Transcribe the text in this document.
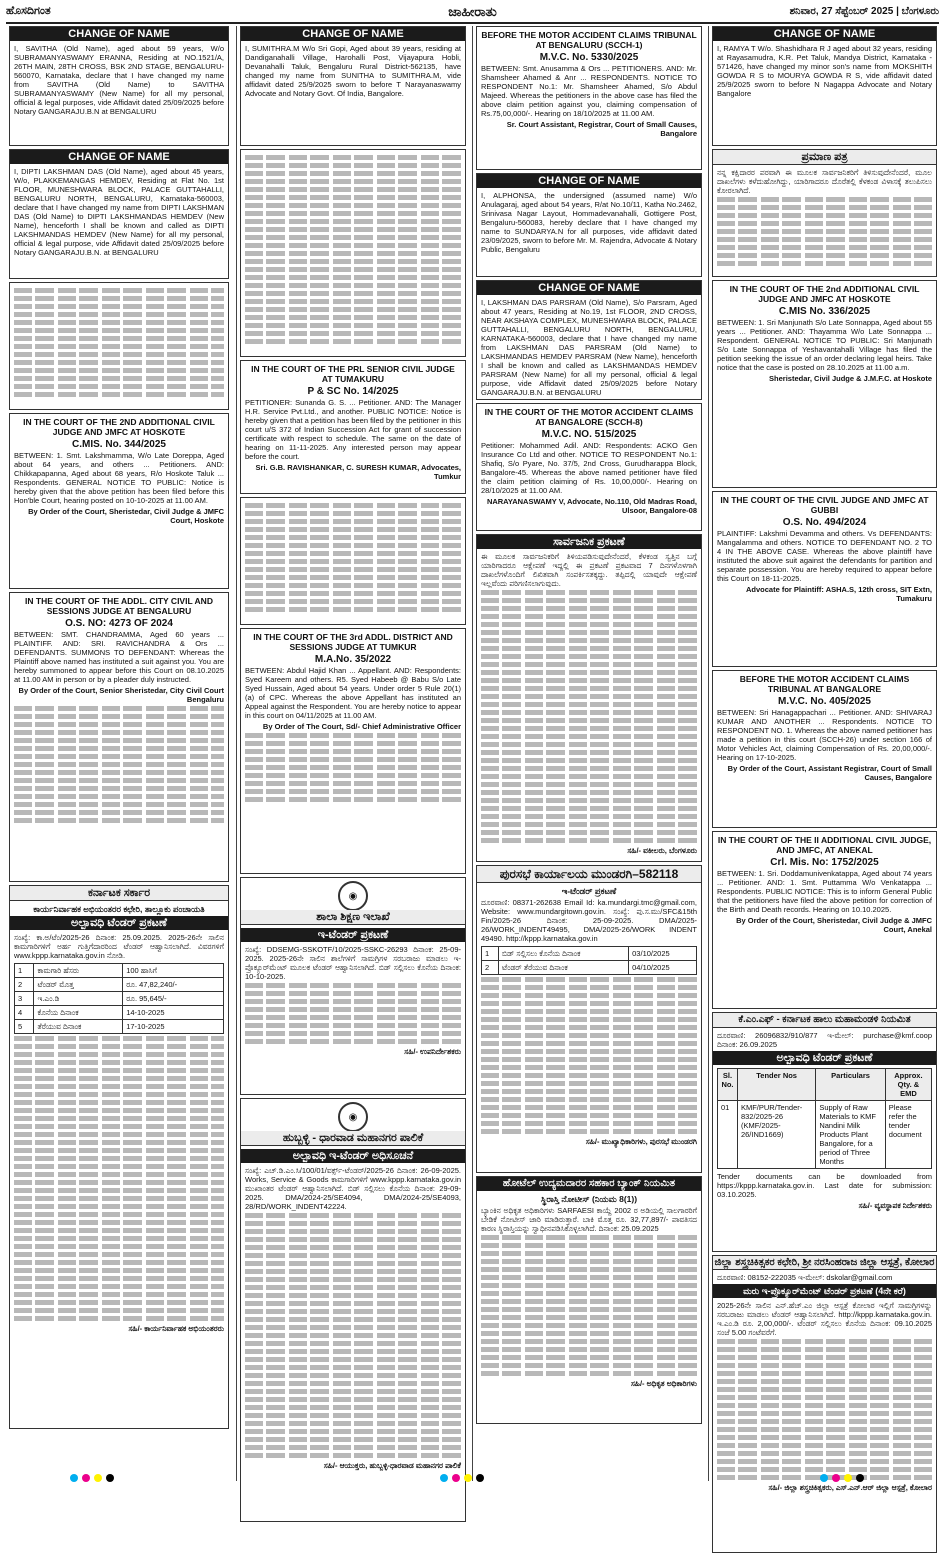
ಹೊಸದಿಗಂತ	ಜಾಹೀರಾತು	ಶನಿವಾರ, 27 ಸೆಪ್ಟೆಂಬರ್ 2025 | ಬೆಂಗಳೂರು
CHANGE OF NAME
I, SAVITHA (Old Name), aged about 59 years, W/o SUBRAMANYASWAMY ERANNA, Residing at NO.1521/A, 26TH MAIN, 28TH CROSS, BSK 2ND STAGE, BENGALURU-560070, Karnataka, declare that I have changed my name from SAVITHA (Old Name) to SAVITHA SUBRAMANYASWAMY (New Name) for all my personal, official & legal purposes, vide Affidavit dated 25/09/2025 before Notary GANGARAJU.B.N at BENGALURU
CHANGE OF NAME
I, DIPTI LAKSHMAN DAS (Old Name), aged about 45 years, W/o, PLAKKEMANGAS HEMDEV, Residing at Flat No. 1st FLOOR, MUNESHWARA BLOCK, PALACE GUTTAHALLI, BENGALURU NORTH, BENGALURU, Karnataka-560003, declare that I have changed my name from DIPTI LAKSHMAN DAS (Old Name) to DIPTI LAKSHMANDAS HEMDEV (New Name), henceforth I shall be known and called as DIPTI LAKSHMANDAS HEMDEV (New Name) for all my personal, official & legal purpose, vide Affidavit dated 25/09/2025 before Notary GANGARAJU.B.N. at BENGALURU
IN THE COURT OF THE 2ND ADDITIONAL CIVIL JUDGE AND JMFC AT HOSKOTE
C.MIS. No. 344/2025
BETWEEN: 1. Smt. Lakshmamma, W/o Late Doreppa, Aged about 64 years, and others ... Petitioners. AND: Chikkapapanna, Aged about 68 years, R/o Hoskote Taluk ... Respondents. GENERAL NOTICE TO PUBLIC: Notice is hereby given that the above petition has been filed before this Hon'ble Court, hearing posted on 10-10-2025 at 11.00 AM.
By Order of the Court, Sheristedar, Civil Judge & JMFC Court, Hoskote
IN THE COURT OF THE ADDL. CITY CIVIL AND SESSIONS JUDGE AT BENGALURU
O.S. NO: 4273 OF 2024
BETWEEN: SMT. CHANDRAMMA, Aged 60 years ... PLAINTIFF. AND: SRI. RAVICHANDRA & Ors ... DEFENDANTS. SUMMONS TO DEFENDANT: Whereas the Plaintiff above named has instituted a suit against you. You are hereby summoned to appear before this Court on 08.10.2025 at 11.00 AM in person or by a pleader duly instructed.
By Order of the Court, Senior Sheristedar, City Civil Court Bengaluru
ಕರ್ನಾಟಕ ಸರ್ಕಾರ
ಕಾರ್ಯನಿರ್ವಾಹಕ ಅಭಿಯಂತರರ ಕಛೇರಿ, ತಾಲ್ಲೂಕು ಪಂಚಾಯತಿ
ಅಲ್ಪಾವಧಿ ಟೆಂಡರ್ ಪ್ರಕಟಣೆ
ಸಂಖ್ಯೆ: ಕಾ.ಅ/ಟೆಂ/2025-26 ದಿನಾಂಕ: 25.09.2025. 2025-26ನೇ ಸಾಲಿನ ಕಾಮಗಾರಿಗಳಿಗೆ ಅರ್ಹ ಗುತ್ತಿಗೆದಾರರಿಂದ ಟೆಂಡರ್ ಆಹ್ವಾನಿಸಲಾಗಿದೆ. ವಿವರಗಳಿಗೆ www.kppp.karnataka.gov.in ನೋಡಿ.
1	ಕಾಮಗಾರಿ ಹೆಸರು	100 ಹಾಸಿಗೆ
2	ಟೆಂಡರ್ ಮೊತ್ತ	ರೂ. 47,82,240/-
3	ಇ.ಎಂ.ಡಿ	ರೂ. 95,645/-
4	ಕೊನೆಯ ದಿನಾಂಕ	14-10-2025
5	ತೆರೆಯುವ ದಿನಾಂಕ	17-10-2025
ಸಹಿ/- ಕಾರ್ಯನಿರ್ವಾಹಕ ಅಭಿಯಂತರರು
CHANGE OF NAME
I, SUMITHRA.M W/o Sri Gopi, Aged about 39 years, residing at Dandiganahalli Village, Harohalli Post, Vijayapura Hobli, Devanahalli Taluk, Bengaluru Rural District-562135, have changed my name from SUNITHA to SUMITHRA.M, vide affidavit dated 25/9/2025 sworn to before T Narayanaswamy Advocate and Notary Govt. Of India, Bangalore.
IN THE COURT OF THE PRL SENIOR CIVIL JUDGE AT TUMAKURU
P & SC No. 14/2025
PETITIONER: Sunanda G. S. ... Petitioner. AND: The Manager H.R. Service Pvt.Ltd., and another. PUBLIC NOTICE: Notice is hereby given that a petition has been filed by the petitioner in this court u/S 372 of Indian Succession Act for grant of succession certificate with respect to schedule. The same on the date of hearing on 11-11-2025. Any interested person may appear before the court.
Sri. G.B. RAVISHANKAR, C. SURESH KUMAR, Advocates, Tumkur
IN THE COURT OF THE 3rd ADDL. DISTRICT AND SESSIONS JUDGE AT TUMKUR
M.A.No. 35/2022
BETWEEN: Abdul Hajid Khan ... Appellant. AND: Respondents: Syed Kareem and others. R5. Syed Habeeb @ Babu S/o Late Syed Hussain, Aged about 54 years. Under order 5 Rule 20(1) (a) of CPC. Whereas the above Appellant has instituted an Appeal against the Respondent. You are hereby notice to appear in this court on 04/11/2025 at 11.00 AM.
By Order of The Court, Sd/- Chief Administrative Officer
◉
ಶಾಲಾ ಶಿಕ್ಷಣ ಇಲಾಖೆ
ಇ-ಟೆಂಡರ್ ಪ್ರಕಟಣೆ
ಸಂಖ್ಯೆ: DDSEMG-SSKOTF/10/2025-SSKC-26293 ದಿನಾಂಕ: 25-09-2025. 2025-26ನೇ ಸಾಲಿನ ಶಾಲೆಗಳಿಗೆ ಸಾಮಗ್ರಿಗಳ ಸರಬರಾಜು ಮಾಡಲು ಇ-ಪ್ರೊಕ್ಯೂರ್‌ಮೆಂಟ್ ಮೂಲಕ ಟೆಂಡರ್ ಆಹ್ವಾನಿಸಲಾಗಿದೆ. ಬಿಡ್ ಸಲ್ಲಿಸಲು ಕೊನೆಯ ದಿನಾಂಕ: 10-10-2025.
ಸಹಿ/- ಉಪನಿರ್ದೇಶಕರು
◉
ಹುಬ್ಬಳ್ಳಿ - ಧಾರವಾಡ ಮಹಾನಗರ ಪಾಲಿಕೆ
ಅಲ್ಪಾವಧಿ ಇ-ಟೆಂಡರ್ ಅಧಿಸೂಚನೆ
ಸಂಖ್ಯೆ: ಎಚ್.ಡಿ.ಎಂ.ಸಿ/100/01/ವರ್ಕ್ಸ್-ಟೆಂಡರ್/2025-26 ದಿನಾಂಕ: 26-09-2025. Works, Service & Goods ಕಾಮಗಾರಿಗಳಿಗೆ www.kppp.karnataka.gov.in ಮುಖಾಂತರ ಟೆಂಡರ್ ಆಹ್ವಾನಿಸಲಾಗಿದೆ. ಬಿಡ್ ಸಲ್ಲಿಸಲು ಕೊನೆಯ ದಿನಾಂಕ: 29-09-2025. DMA/2024-25/SE4094, DMA/2024-25/SE4093, 28/RD/WORK_INDENT42224.
ಸಹಿ/- ಆಯುಕ್ತರು, ಹುಬ್ಬಳ್ಳಿ-ಧಾರವಾಡ ಮಹಾನಗರ ಪಾಲಿಕೆ
BEFORE THE MOTOR ACCIDENT CLAIMS TRIBUNAL AT BENGALURU (SCCH-1)
M.V.C. No. 5330/2025
BETWEEN: Smt. Anusamma & Ors ... PETITIONERS. AND: Mr. Shamsheer Ahamed & Anr ... RESPONDENTS. NOTICE TO RESPONDENT No.1: Mr. Shamsheer Ahamed, S/o Abdul Majeed. Whereas the petitioners in the above case has filed the above claim petition against you, claiming compensation of Rs.75,00,000/-. Hearing on 18/10/2025 at 11.00 AM.
Sr. Court Assistant, Registrar, Court of Small Causes, Bangalore
CHANGE OF NAME
I, ALPHONSA, the undersigned (assumed name) W/o Anulagaraj, aged about 54 years, R/at No.10/11, Katha No.2462, Srinivasa Nagar Layout, Hommadevanahalli, Gottigere Post, Bengaluru-560083, hereby declare that I have changed my name to SUNDARYA.N for all purposes, vide affidavit dated 23/09/2025, sworn to before Mr. M. Rajendra, Advocate & Notary Public, Bengaluru
CHANGE OF NAME
I, LAKSHMAN DAS PARSRAM (Old Name), S/o Parsram, Aged about 47 years, Residing at No.19, 1st FLOOR, 2ND CROSS, NEAR AKSHAYA COMPLEX, MUNESHWARA BLOCK, PALACE GUTTAHALLI, BENGALURU NORTH, BENGALURU, KARNATAKA-560003, declare that I have changed my name from LAKSHMAN DAS PARSRAM (Old Name) to LAKSHMANDAS HEMDEV PARSRAM (New Name), henceforth I shall be known and called as LAKSHMANDAS HEMDEV PARSRAM (New Name) for all my personal, official & legal purpose, vide Affidavit dated 25/09/2025 before Notary GANGARAJU.B.N. at BENGALURU
IN THE COURT OF THE MOTOR ACCIDENT CLAIMS AT BANGALORE (SCCH-8)
M.V.C. NO. 515/2025
Petitioner: Mohammed Adil. AND: Respondents: ACKO Gen Insurance Co Ltd and other. NOTICE TO RESPONDENT No.1: Shafiq, S/o Pyare, No. 37/5, 2nd Cross, Gurudharappa Block, Bangalore-45. Whereas the above named petitioner have filed the claim petition claiming of Rs. 10,00,000/-. Hearing on 28/10/2025 at 11.00 AM.
NARAYANASWAMY V, Advocate, No.110, Old Madras Road, Ulsoor, Bangalore-08
ಸಾರ್ವಜನಿಕ ಪ್ರಕಟಣೆ
ಈ ಮೂಲಕ ಸಾರ್ವಜನಿಕರಿಗೆ ತಿಳಿಯಪಡಿಸುವುದೇನೆಂದರೆ, ಕೆಳಕಂಡ ಸ್ವತ್ತಿನ ಬಗ್ಗೆ ಯಾರಿಗಾದರೂ ಆಕ್ಷೇಪಣೆ ಇದ್ದಲ್ಲಿ ಈ ಪ್ರಕಟಣೆ ಪ್ರಕಟವಾದ 7 ದಿನಗಳೊಳಗಾಗಿ ದಾಖಲೆಗಳೊಂದಿಗೆ ಲಿಖಿತವಾಗಿ ಸಂಪರ್ಕಿಸತಕ್ಕದ್ದು. ತಪ್ಪಿದಲ್ಲಿ ಯಾವುದೇ ಆಕ್ಷೇಪಣೆ ಇಲ್ಲವೆಂದು ಪರಿಗಣಿಸಲಾಗುವುದು.
ಸಹಿ/- ವಕೀಲರು, ಬೆಂಗಳೂರು
ಪುರಸಭೆ ಕಾರ್ಯಾಲಯ ಮುಂಡರಗಿ–582118
ಇ-ಟೆಂಡರ್ ಪ್ರಕಟಣೆ
ದೂರವಾಣಿ: 08371-262638 Email Id: ka.mundargi.tmc@gmail.com, Website: www.mundargitown.gov.in. ಸಂಖ್ಯೆ: ಪು.ಸ.ಮು/SFC&15th Fin/2025-26 ದಿನಾಂಕ: 25-09-2025. DMA/2025-26/WORK_INDENT49495, DMA/2025-26/WORK INDENT 49490. http://kppp.karnataka.gov.in
1	ಬಿಡ್ ಸಲ್ಲಿಸಲು ಕೊನೆಯ ದಿನಾಂಕ	03/10/2025
2	ಟೆಂಡರ್ ತೆರೆಯುವ ದಿನಾಂಕ	04/10/2025
ಸಹಿ/- ಮುಖ್ಯಾಧಿಕಾರಿಗಳು, ಪುರಸಭೆ ಮುಂಡರಗಿ
ಹೋಟೆಲ್ ಉದ್ಯಮದಾರರ ಸಹಕಾರ ಬ್ಯಾಂಕ್ ನಿಯಮಿತ
ಸ್ಥಿರಾಸ್ತಿ ನೋಟೀಸ್ (ನಿಯಮ 8(1))
ಬ್ಯಾಂಕಿನ ಅಧಿಕೃತ ಅಧಿಕಾರಿಗಳು SARFAESI ಕಾಯ್ದೆ 2002 ರ ಅಡಿಯಲ್ಲಿ ಸಾಲಗಾರರಿಗೆ ಬೇಡಿಕೆ ನೋಟೀಸ್ ಜಾರಿ ಮಾಡಿರುತ್ತಾರೆ. ಬಾಕಿ ಮೊತ್ತ ರೂ. 32,77,897/- ಪಾವತಿಸದ ಕಾರಣ ಸ್ಥಿರಾಸ್ತಿಯನ್ನು ಸ್ವಾಧೀನಪಡಿಸಿಕೊಳ್ಳಲಾಗಿದೆ. ದಿನಾಂಕ: 25.09.2025
ಸಹಿ/- ಅಧಿಕೃತ ಅಧಿಕಾರಿಗಳು
CHANGE OF NAME
I, RAMYA T W/o. Shashidhara R J aged about 32 years, residing at Rayasamudra, K.R. Pet Taluk, Mandya District, Karnataka - 571426, have changed my minor son's name from MOKSHITH GOWDA R S to MOURYA GOWDA R S, vide affidavit dated 25/9/2025 sworn to before N Nagappa Advocate and Notary Bangalore
ಪ್ರಮಾಣ ಪತ್ರ
ನನ್ನ ಕಕ್ಷಿದಾರರ ಪರವಾಗಿ ಈ ಮೂಲಕ ಸಾರ್ವಜನಿಕರಿಗೆ ತಿಳಿಸುವುದೇನೆಂದರೆ, ಮೂಲ ದಾಖಲೆಗಳು ಕಳೆದುಹೋಗಿದ್ದು, ಯಾರಿಗಾದರೂ ದೊರೆತಲ್ಲಿ ಕೆಳಕಂಡ ವಿಳಾಸಕ್ಕೆ ತಲುಪಿಸಲು ಕೋರಲಾಗಿದೆ.
IN THE COURT OF THE 2nd ADDITIONAL CIVIL JUDGE AND JMFC AT HOSKOTE
C.MIS No. 336/2025
BETWEEN: 1. Sri Manjunath S/o Late Sonnappa, Aged about 55 years ... Petitioner. AND: Thayamma W/o Late Sonnappa ... Respondent. GENERAL NOTICE TO PUBLIC: Sri Manjunath S/o Late Sonnappa of Yeshavantahalli Village has filed the petition seeking the issue of an order declaring legal heirs. Take notice that the case is posted on 28.10.2025 at 11.00 a.m.
Sheristedar, Civil Judge & J.M.F.C. at Hoskote
IN THE COURT OF THE CIVIL JUDGE AND JMFC AT GUBBI
O.S. No. 494/2024
PLAINTIFF: Lakshmi Devamma and others. Vs DEFENDANTS: Mangalamma and others. NOTICE TO DEFENDANT NO. 2 TO 4 IN THE ABOVE CASE. Whereas the above plaintiff have instituted the above suit against the defendants for partition and separate possession. You are hereby required to appear before this Court on 18-11-2025.
Advocate for Plaintiff: ASHA.S, 12th cross, SIT Extn, Tumakuru
BEFORE THE MOTOR ACCIDENT CLAIMS TRIBUNAL AT BANGALORE
M.V.C. No. 405/2025
BETWEEN: Sri Hanagappachari ... Petitioner. AND: SHIVARAJ KUMAR AND ANOTHER ... Respondents. NOTICE TO RESPONDENT NO. 1. Whereas the above named petitioner has made a petition in this court (SCCH-26) under section 166 of Motor Vehicles Act, claiming Compensation of Rs. 20,00,000/-. Hearing on 17-10-2025.
By Order of the Court, Assistant Registrar, Court of Small Causes, Bangalore
IN THE COURT OF THE II ADDITIONAL CIVIL JUDGE, AND JMFC, AT ANEKAL
Crl. Mis. No: 1752/2025
BETWEEN: 1. Sri. Doddamunivenkatappa, Aged about 74 years ... Petitioner. AND: 1. Smt. Puttamma W/o Venkatappa ... Respondents. PUBLIC NOTICE: This is to inform General Public that the petitioners have filed the above petition for correction of the Birth and Death records. Hearing on 10.10.2025.
By Order of the Court, Sheristedar, Civil Judge & JMFC Court, Anekal
ಕೆ.ಎಂ.ಎಫ್ - ಕರ್ನಾಟಕ ಹಾಲು ಮಹಾಮಂಡಳಿ ನಿಯಮಿತ
ದೂರವಾಣಿ: 26096832/910/877 ಇ-ಮೇಲ್: purchase@kmf.coop ದಿನಾಂಕ: 26.09.2025
ಅಲ್ಪಾವಧಿ ಟೆಂಡರ್ ಪ್ರಕಟಣೆ
Sl. No.	Tender Nos	Particulars	Approx. Qty. & EMD
01	KMF/PUR/Tender-832/2025-26 (KMF/2025-26/IND1669)	Supply of Raw Materials to KMF Nandini Milk Products Plant Bangalore, for a period of Three Months	Please refer the tender document
Tender documents can be downloaded from https://kppp.karnataka.gov.in. Last date for submission: 03.10.2025.
ಸಹಿ/- ವ್ಯವಸ್ಥಾಪಕ ನಿರ್ದೇಶಕರು
ಜಿಲ್ಲಾ ಶಸ್ತ್ರಚಿಕಿತ್ಸಕರ ಕಛೇರಿ, ಶ್ರೀ ನರಸಿಂಹರಾಜ ಜಿಲ್ಲಾ ಆಸ್ಪತ್ರೆ, ಕೋಲಾರ
ದೂರವಾಣಿ: 08152-222035 ಇ-ಮೇಲ್: dskolar@gmail.com
ಮರು ಇ-ಪ್ರೊಕ್ಯೂರ್‌ಮೆಂಟ್ ಟೆಂಡರ್ ಪ್ರಕಟಣೆ (4ನೇ ಕರೆ)
2025-26ನೇ ಸಾಲಿನ ಎನ್.ಹೆಚ್.ಎಂ ಜಿಲ್ಲಾ ಆಸ್ಪತ್ರೆ ಕೋಲಾರ ಇಲ್ಲಿಗೆ ಸಾಮಗ್ರಿಗಳನ್ನು ಸರಬರಾಜು ಮಾಡಲು ಟೆಂಡರ್ ಆಹ್ವಾನಿಸಲಾಗಿದೆ. http://kppp.karnataka.gov.in. ಇ.ಎಂ.ಡಿ ರೂ. 2,00,000/-. ಟೆಂಡರ್ ಸಲ್ಲಿಸಲು ಕೊನೆಯ ದಿನಾಂಕ: 09.10.2025 ಸಂಜೆ 5.00 ಗಂಟೆವರೆಗೆ.
ಸಹಿ/- ಜಿಲ್ಲಾ ಶಸ್ತ್ರಚಿಕಿತ್ಸಕರು, ಎಸ್.ಎನ್.ಆರ್ ಜಿಲ್ಲಾ ಆಸ್ಪತ್ರೆ, ಕೋಲಾರ
